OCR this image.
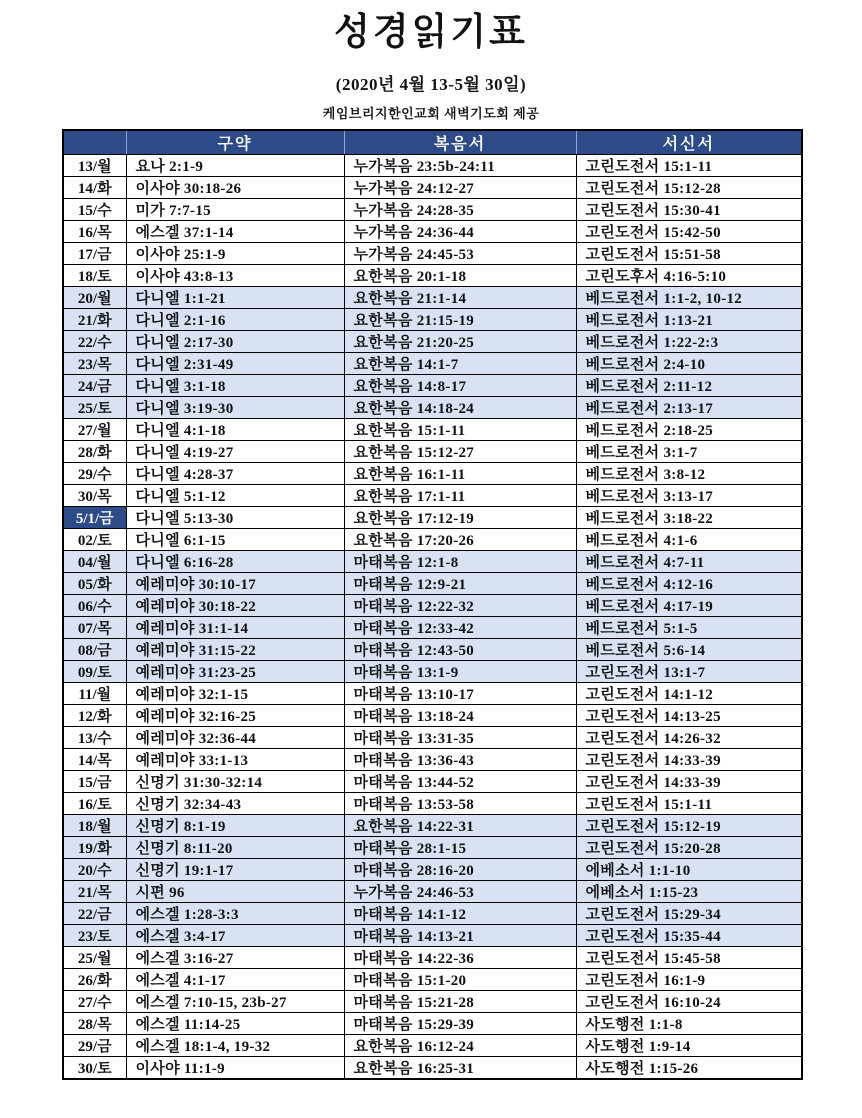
성경읽기표
(2020년 4월 13-5월 30일)
케임브리지한인교회 새벽기도회 제공
	구약	복음서	서신서
13/월	요나 2:1-9	누가복음 23:5b-24:11	고린도전서 15:1-11
14/화	이사야 30:18-26	누가복음 24:12-27	고린도전서 15:12-28
15/수	미가 7:7-15	누가복음 24:28-35	고린도전서 15:30-41
16/목	에스겔 37:1-14	누가복음 24:36-44	고린도전서 15:42-50
17/금	이사야 25:1-9	누가복음 24:45-53	고린도전서 15:51-58
18/토	이사야 43:8-13	요한복음 20:1-18	고린도후서 4:16-5:10
20/월	다니엘 1:1-21	요한복음 21:1-14	베드로전서 1:1-2, 10-12
21/화	다니엘 2:1-16	요한복음 21:15-19	베드로전서 1:13-21
22/수	다니엘 2:17-30	요한복음 21:20-25	베드로전서 1:22-2:3
23/목	다니엘 2:31-49	요한복음 14:1-7	베드로전서 2:4-10
24/금	다니엘 3:1-18	요한복음 14:8-17	베드로전서 2:11-12
25/토	다니엘 3:19-30	요한복음 14:18-24	베드로전서 2:13-17
27/월	다니엘 4:1-18	요한복음 15:1-11	베드로전서 2:18-25
28/화	다니엘 4:19-27	요한복음 15:12-27	베드로전서 3:1-7
29/수	다니엘 4:28-37	요한복음 16:1-11	베드로전서 3:8-12
30/목	다니엘 5:1-12	요한복음 17:1-11	베드로전서 3:13-17
5/1/금	다니엘 5:13-30	요한복음 17:12-19	베드로전서 3:18-22
02/토	다니엘 6:1-15	요한복음 17:20-26	베드로전서 4:1-6
04/월	다니엘 6:16-28	마태복음 12:1-8	베드로전서 4:7-11
05/화	예레미야 30:10-17	마태복음 12:9-21	베드로전서 4:12-16
06/수	예레미야 30:18-22	마태복음 12:22-32	베드로전서 4:17-19
07/목	예레미야 31:1-14	마태복음 12:33-42	베드로전서 5:1-5
08/금	예레미야 31:15-22	마태복음 12:43-50	베드로전서 5:6-14
09/토	예레미야 31:23-25	마태복음 13:1-9	고린도전서 13:1-7
11/월	예레미야 32:1-15	마태복음 13:10-17	고린도전서 14:1-12
12/화	예레미야 32:16-25	마태복음 13:18-24	고린도전서 14:13-25
13/수	예레미야 32:36-44	마태복음 13:31-35	고린도전서 14:26-32
14/목	예레미야 33:1-13	마태복음 13:36-43	고린도전서 14:33-39
15/금	신명기 31:30-32:14	마태복음 13:44-52	고린도전서 14:33-39
16/토	신명기 32:34-43	마태복음 13:53-58	고린도전서 15:1-11
18/월	신명기 8:1-19	요한복음 14:22-31	고린도전서 15:12-19
19/화	신명기 8:11-20	마태복음 28:1-15	고린도전서 15:20-28
20/수	신명기 19:1-17	마태복음 28:16-20	에베소서 1:1-10
21/목	시편 96	누가복음 24:46-53	에베소서 1:15-23
22/금	에스겔 1:28-3:3	마태복음 14:1-12	고린도전서 15:29-34
23/토	에스겔 3:4-17	마태복음 14:13-21	고린도전서 15:35-44
25/월	에스겔 3:16-27	마태복음 14:22-36	고린도전서 15:45-58
26/화	에스겔 4:1-17	마태복음 15:1-20	고린도전서 16:1-9
27/수	에스겔 7:10-15, 23b-27	마태복음 15:21-28	고린도전서 16:10-24
28/목	에스겔 11:14-25	마태복음 15:29-39	사도행전 1:1-8
29/금	에스겔 18:1-4, 19-32	요한복음 16:12-24	사도행전 1:9-14
30/토	이사야 11:1-9	요한복음 16:25-31	사도행전 1:15-26
